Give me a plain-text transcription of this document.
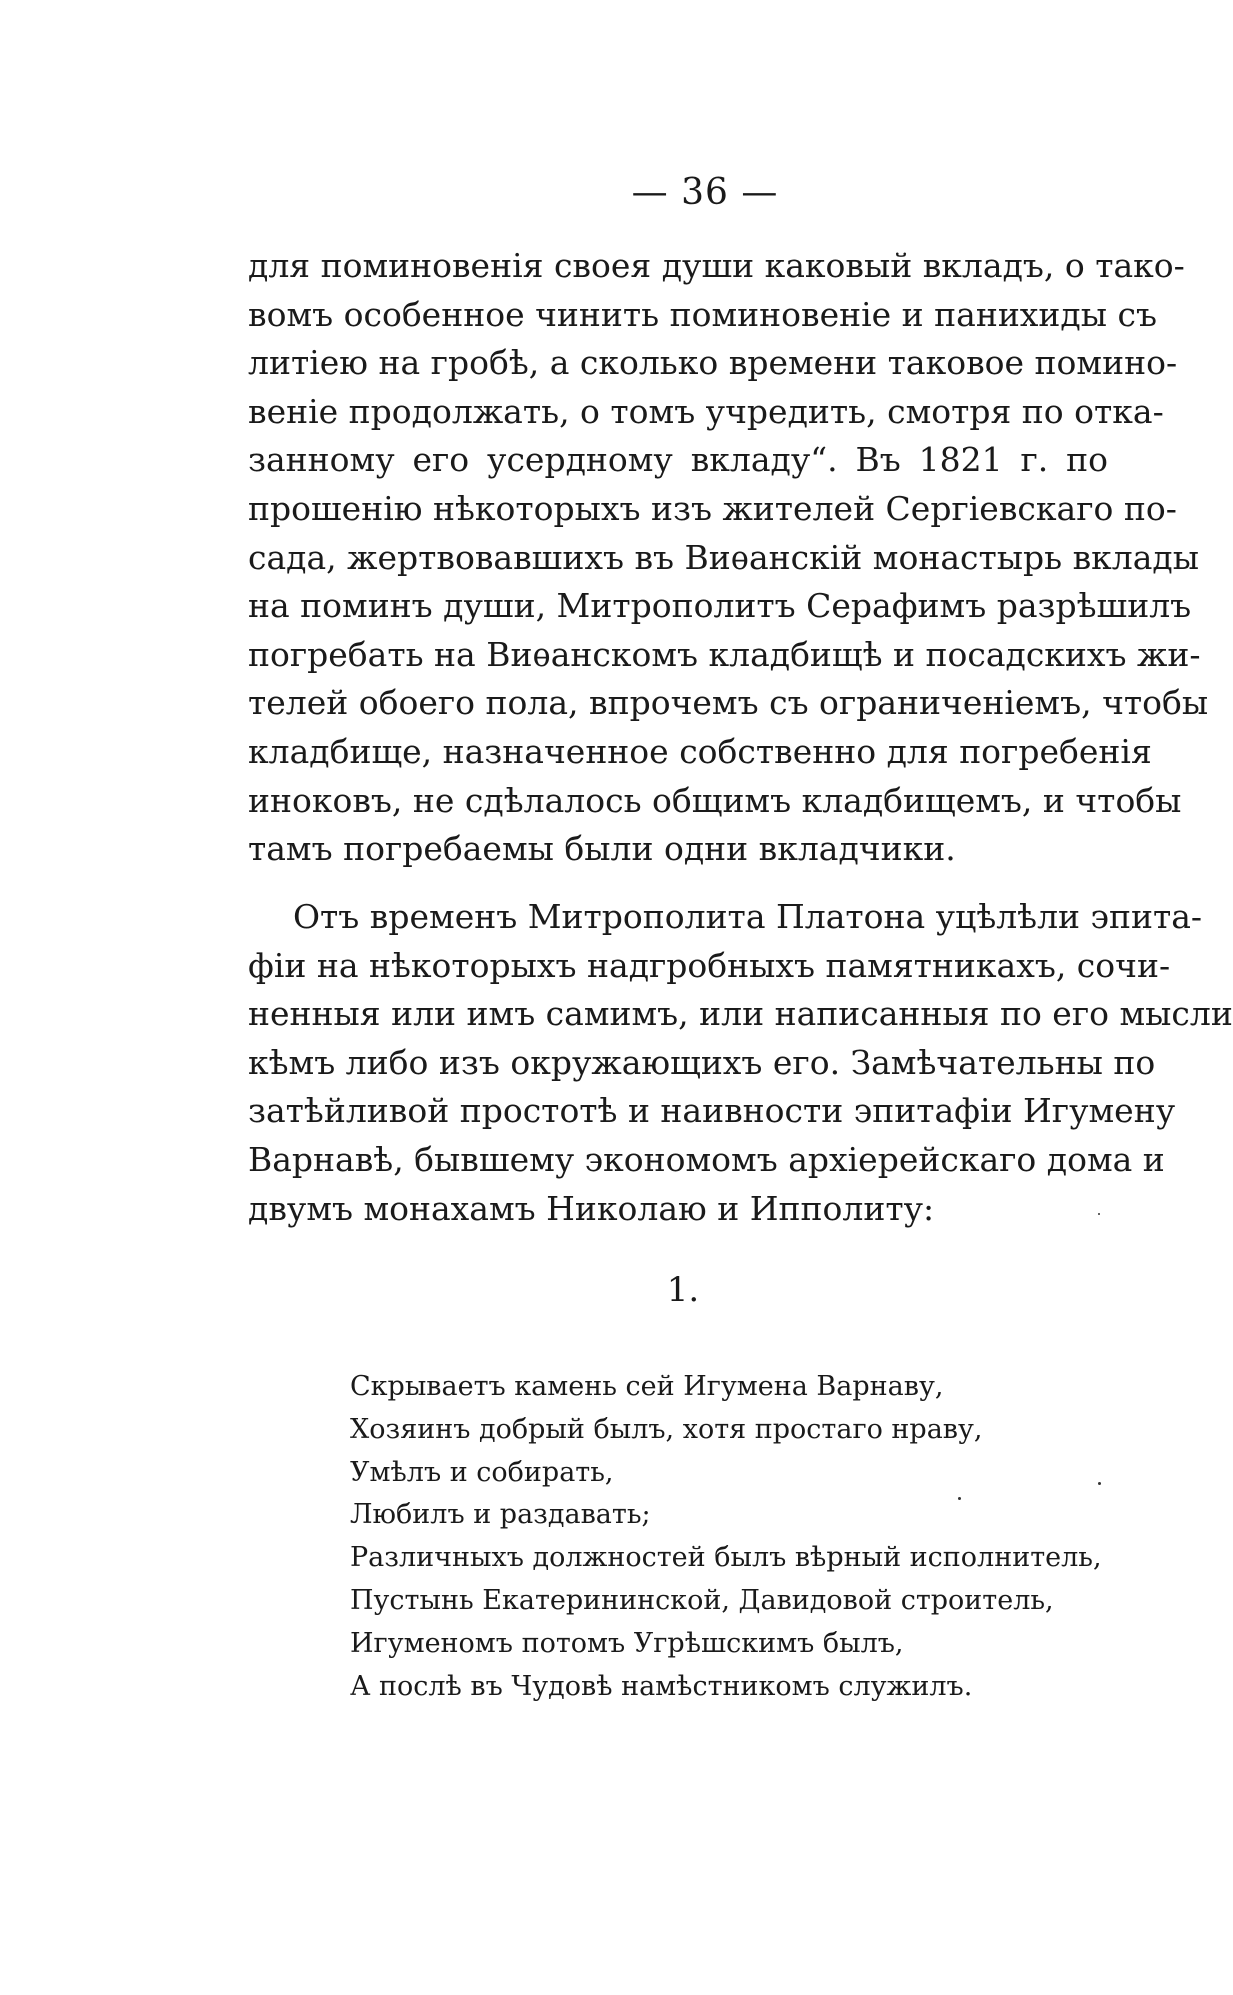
— 36 —
для поминовенія своея души каковый вкладъ, о тако-
вомъ особенное чинить поминовеніе и панихиды съ
литіею на гробѣ, а сколько времени таковое помино-
веніе продолжать, о томъ учредить, смотря по отка-
занному его усердному вкладу“. Въ 1821 г. по
прошенію нѣкоторыхъ изъ жителей Сергіевскаго по-
сада, жертвовавшихъ въ Виѳанскій монастырь вклады
на поминъ души, Митрополитъ Серафимъ разрѣшилъ
погребать на Виѳанскомъ кладбищѣ и посадскихъ жи-
телей обоего пола, впрочемъ съ ограниченіемъ, чтобы
кладбище, назначенное собственно для погребенія
иноковъ, не сдѣлалось общимъ кладбищемъ, и чтобы
тамъ погребаемы были одни вкладчики.
Отъ временъ Митрополита Платона уцѣлѣли эпита-
фіи на нѣкоторыхъ надгробныхъ памятникахъ, сочи-
ненныя или имъ самимъ, или написанныя по его мысли
кѣмъ либо изъ окружающихъ его. Замѣчательны по
затѣйливой простотѣ и наивности эпитафіи Игумену
Варнавѣ, бывшему экономомъ архіерейскаго дома и
двумъ монахамъ Николаю и Ипполиту:
1.
Скрываетъ камень сей Игумена Варнаву,
Хозяинъ добрый былъ, хотя простаго нраву,
Умѣлъ и собирать,
Любилъ и раздавать;
Различныхъ должностей былъ вѣрный исполнитель,
Пустынь Екатерининской, Давидовой строитель,
Игуменомъ потомъ Угрѣшскимъ былъ,
А послѣ въ Чудовѣ намѣстникомъ служилъ.
